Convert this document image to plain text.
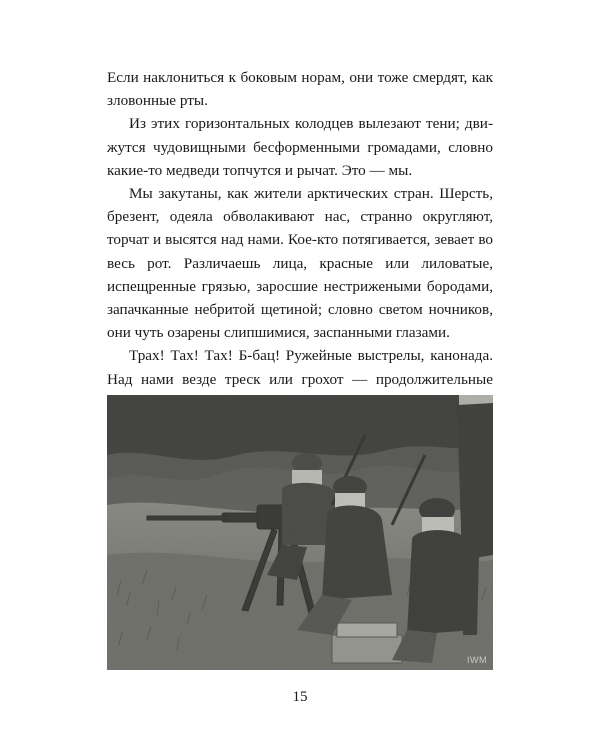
Если наклониться к боковым норам, они тоже смердят, как зловонные рты.

Из этих горизонтальных колодцев вылезают тени; движутся чудовищными бесформенными громадами, словно какие-то медведи топчутся и рычат. Это — мы.

Мы закутаны, как жители арктических стран. Шерсть, брезент, одеяла обволакивают нас, странно округляют, торчат и высятся над нами. Кое-кто потягивается, зевает во весь рот. Различаешь лица, красные или лиловатые, испещренные грязью, заросшие нестрижеными бородами, запачканные небритой щетиной; словно светом ночников, они чуть озарены слипшимися, заспанными глазами.

Трах! Тах! Тах! Б-бац! Ружейные выстрелы, канонада. Над нами везде треск или грохот — продолжительные

IWM
15
